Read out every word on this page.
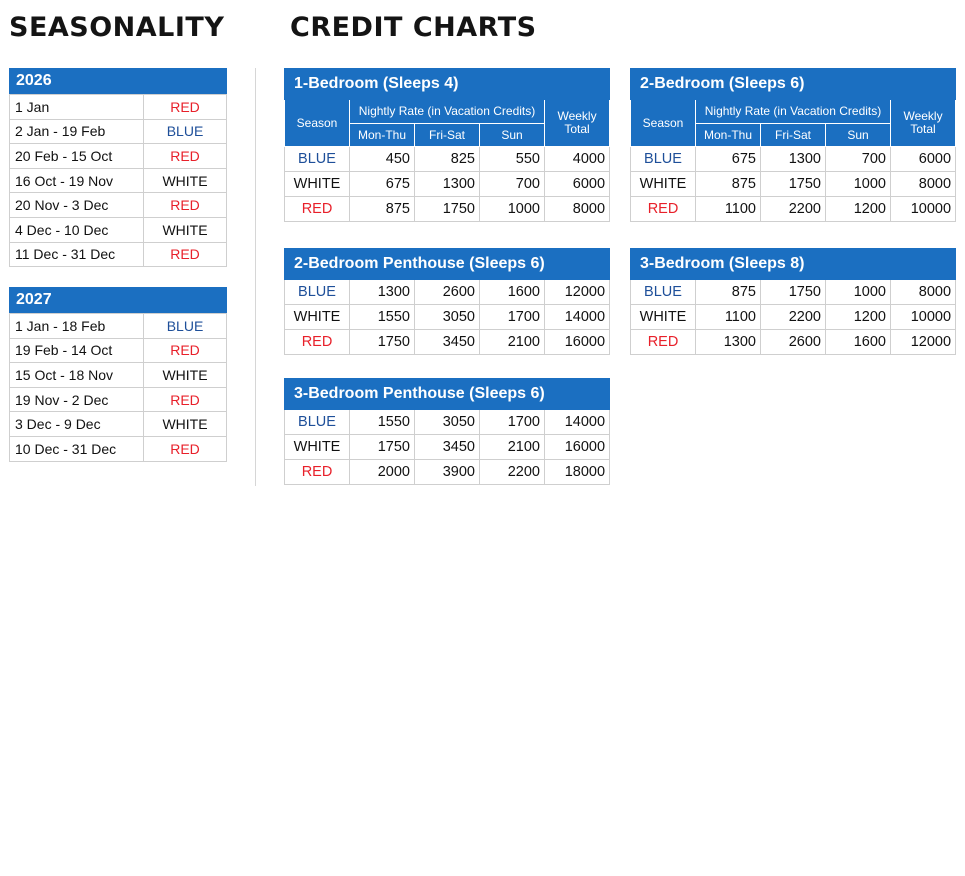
SEASONALITY CREDIT CHARTS
2026
1 Jan	RED
2 Jan - 19 Feb	BLUE
20 Feb - 15 Oct	RED
16 Oct - 19 Nov	WHITE
20 Nov - 3 Dec	RED
4 Dec - 10 Dec	WHITE
11 Dec - 31 Dec	RED
2027
1 Jan - 18 Feb	BLUE
19 Feb - 14 Oct	RED
15 Oct - 18 Nov	WHITE
19 Nov - 2 Dec	RED
3 Dec - 9 Dec	WHITE
10 Dec - 31 Dec	RED
1-Bedroom (Sleeps 4)				
Season	Nightly Rate (in Vacation Credits)			Weekly
Total
	Mon-Thu	Fri-Sat	Sun	
BLUE	450	825	550	4000
WHITE	675	1300	700	6000
RED	875	1750	1000	8000
2-Bedroom (Sleeps 6)				
Season	Nightly Rate (in Vacation Credits)			Weekly
Total
	Mon-Thu	Fri-Sat	Sun	
BLUE	675	1300	700	6000
WHITE	875	1750	1000	8000
RED	1100	2200	1200	10000
2-Bedroom Penthouse (Sleeps 6)				
BLUE	1300	2600	1600	12000
WHITE	1550	3050	1700	14000
RED	1750	3450	2100	16000
3-Bedroom (Sleeps 8)				
BLUE	875	1750	1000	8000
WHITE	1100	2200	1200	10000
RED	1300	2600	1600	12000
3-Bedroom Penthouse (Sleeps 6)				
BLUE	1550	3050	1700	14000
WHITE	1750	3450	2100	16000
RED	2000	3900	2200	18000
